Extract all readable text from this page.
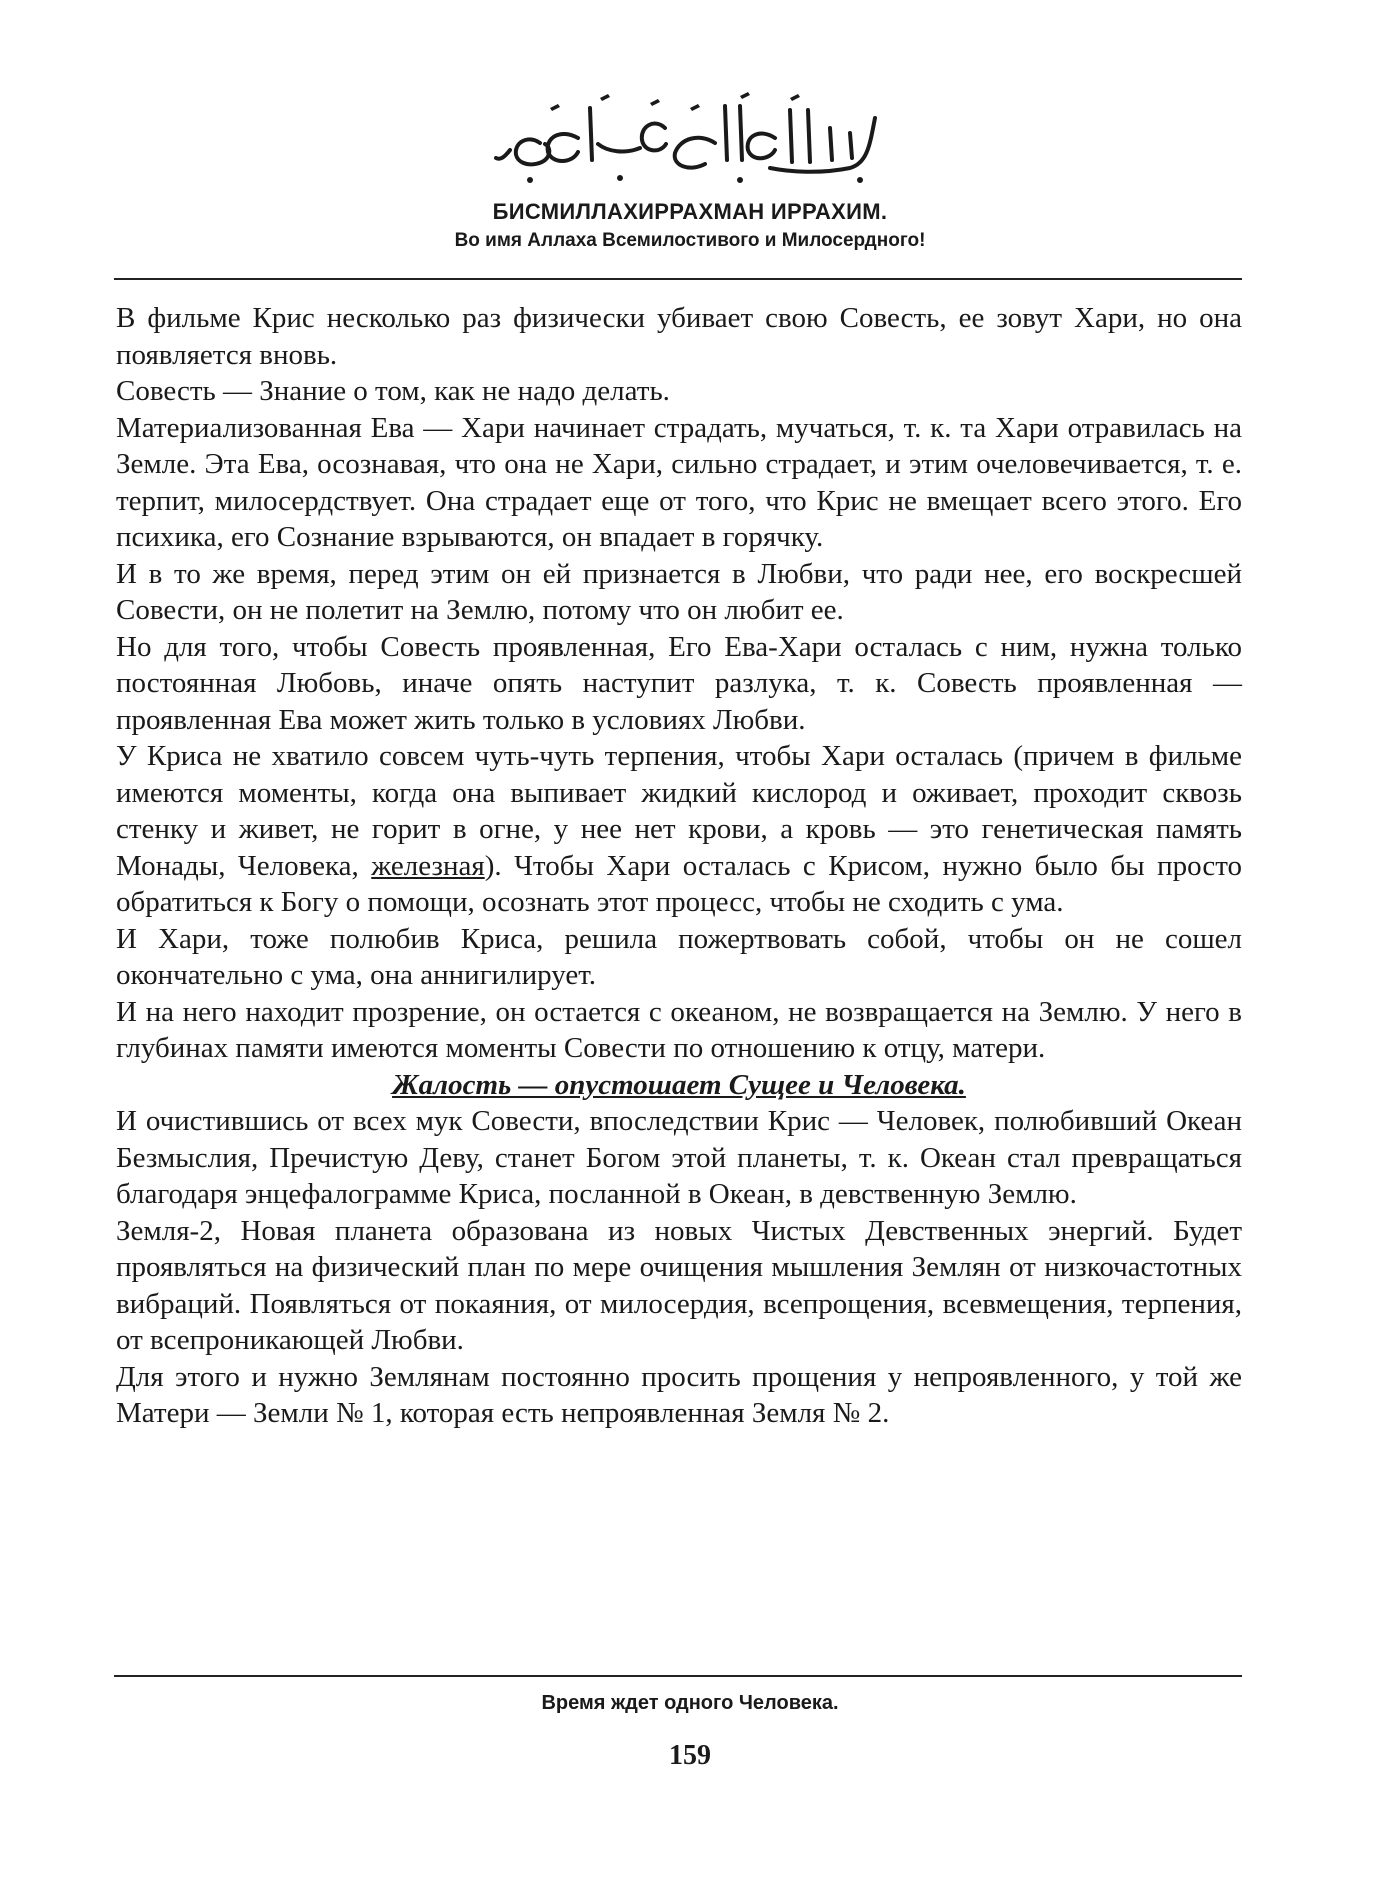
БИСМИЛЛАХИРРАХМАН ИРРАХИМ.
Во имя Аллаха Всемилостивого и Милосердного!

В фильме Крис несколько раз физически убивает свою Совесть, ее зовут Хари, но она появляется вновь.

Совесть — Знание о том, как не надо делать.

Материализованная Ева — Хари начинает страдать, мучаться, т. к. та Хари отравилась на Земле. Эта Ева, осознавая, что она не Хари, сильно страдает, и этим очеловечивается, т. е. терпит, милосердствует. Она страдает еще от того, что Крис не вмещает всего этого. Его психика, его Сознание взрываются, он впадает в горячку.

И в то же время, перед этим он ей признается в Любви, что ради нее, его воскресшей Совести, он не полетит на Землю, потому что он любит ее.

Но для того, чтобы Совесть проявленная, Его Ева-Хари осталась с ним, нужна только постоянная Любовь, иначе опять наступит разлука, т. к. Совесть проявленная — проявленная Ева может жить только в условиях Любви.

У Криса не хватило совсем чуть-чуть терпения, чтобы Хари осталась (причем в фильме имеются моменты, когда она выпивает жидкий кислород и оживает, проходит сквозь стенку и живет, не горит в огне, у нее нет крови, а кровь — это генетическая память Монады, Человека, железная). Чтобы Хари осталась с Крисом, нужно было бы просто обратиться к Богу о помощи, осознать этот процесс, чтобы не сходить с ума.

И Хари, тоже полюбив Криса, решила пожертвовать собой, чтобы он не сошел окончательно с ума, она аннигилирует.

И на него находит прозрение, он остается с океаном, не возвращается на Землю. У него в глубинах памяти имеются моменты Совести по отношению к отцу, матери.

Жалость — опустошает Сущее и Человека.

И очистившись от всех мук Совести, впоследствии Крис — Человек, полюбивший Океан Безмыслия, Пречистую Деву, станет Богом этой планеты, т. к. Океан стал превращаться благодаря энцефалограмме Криса, посланной в Океан, в девственную Землю.

Земля-2, Новая планета образована из новых Чистых Девственных энергий. Будет проявляться на физический план по мере очищения мышления Землян от низкочастотных вибраций. Появляться от покаяния, от милосердия, всепрощения, всевмещения, терпения, от всепроникающей Любви.

Для этого и нужно Землянам постоянно просить прощения у непроявленного, у той же Матери — Земли № 1, которая есть непроявленная Земля № 2.

Время ждет одного Человека.
159
